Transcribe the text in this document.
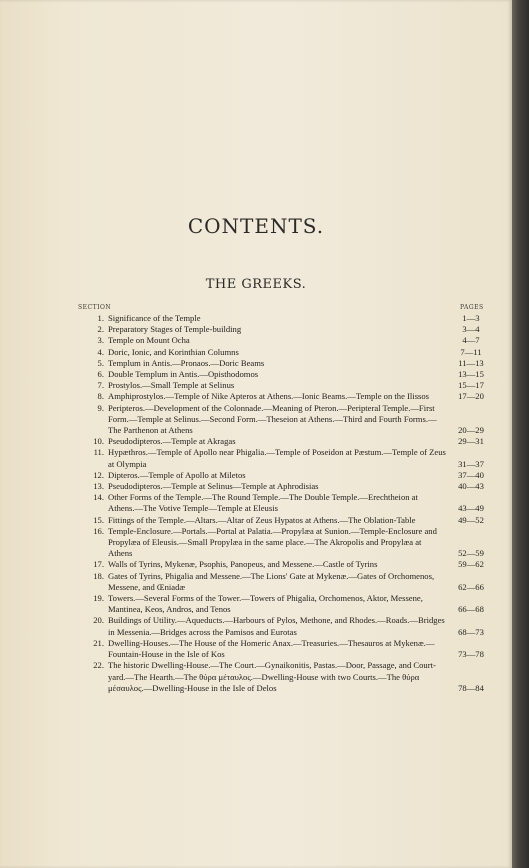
CONTENTS.
THE GREEKS.
SECTION	PAGES
1. Significance of the Temple	1—3
2. Preparatory Stages of Temple-building	3—4
3. Temple on Mount Ocha	4—7
4. Doric, Ionic, and Korinthian Columns	7—11
5. Templum in Antis.—Pronaos.—Doric Beams	11—13
6. Double Templum in Antis.—Opisthodomos	13—15
7. Prostylos.—Small Temple at Selinus	15—17
8. Amphiprostylos.—Temple of Nike Apteros at Athens.—Ionic Beams.—Temple on the Ilissos	17—20
9. Peripteros.—Development of the Colonnade.—Meaning of Pteron.—Peripteral Temple.—First Form.—Temple at Selinus.—Second Form.—Theseion at Athens.—Third and Fourth Forms.—The Parthenon at Athens	20—29
10. Pseudodipteros.—Temple at Akragas	29—31
11. Hypæthros.—Temple of Apollo near Phigalia.—Temple of Poseidon at Pæstum.—Temple of Zeus at Olympia	31—37
12. Dipteros.—Temple of Apollo at Miletos	37—40
13. Pseudodipteros.—Temple at Selinus—Temple at Aphrodisias	40—43
14. Other Forms of the Temple.—The Round Temple.—The Double Temple.—Erechtheion at Athens.—The Votive Temple—Temple at Eleusis	43—49
15. Fittings of the Temple.—Altars.—Altar of Zeus Hypatos at Athens.—The Oblation-Table	49—52
16. Temple-Enclosure.—Portals.—Portal at Palatia.—Propylæa at Sunion.—Temple-Enclosure and Propylæa of Eleusis.—Small Propylæa in the same place.—The Akropolis and Propylæa at Athens	52—59
17. Walls of Tyrins, Mykenæ, Psophis, Panopeus, and Messene.—Castle of Tyrins	59—62
18. Gates of Tyrins, Phigalia and Messene.—The Lions' Gate at Mykenæ.—Gates of Orchomenos, Messene, and Œniadæ	62—66
19. Towers.—Several Forms of the Tower.—Towers of Phigalia, Orchomenos, Aktor, Messene, Mantinea, Keos, Andros, and Tenos	66—68
20. Buildings of Utility.—Aqueducts.—Harbours of Pylos, Methone, and Rhodes.—Roads.—Bridges in Messenia.—Bridges across the Pamisos and Eurotas	68—73
21. Dwelling-Houses.—The House of the Homeric Anax.—Treasuries.—Thesauros at Mykenæ.—Fountain-House in the Isle of Kos	73—78
22. The historic Dwelling-House.—The Court.—Gynaikonitis, Pastas.—Door, Passage, and Court-yard.—The Hearth.—The θύρα μέταυλος.—Dwelling-House with two Courts.—The θύρα μέσαυλος.—Dwelling-House in the Isle of Delos	78—84
